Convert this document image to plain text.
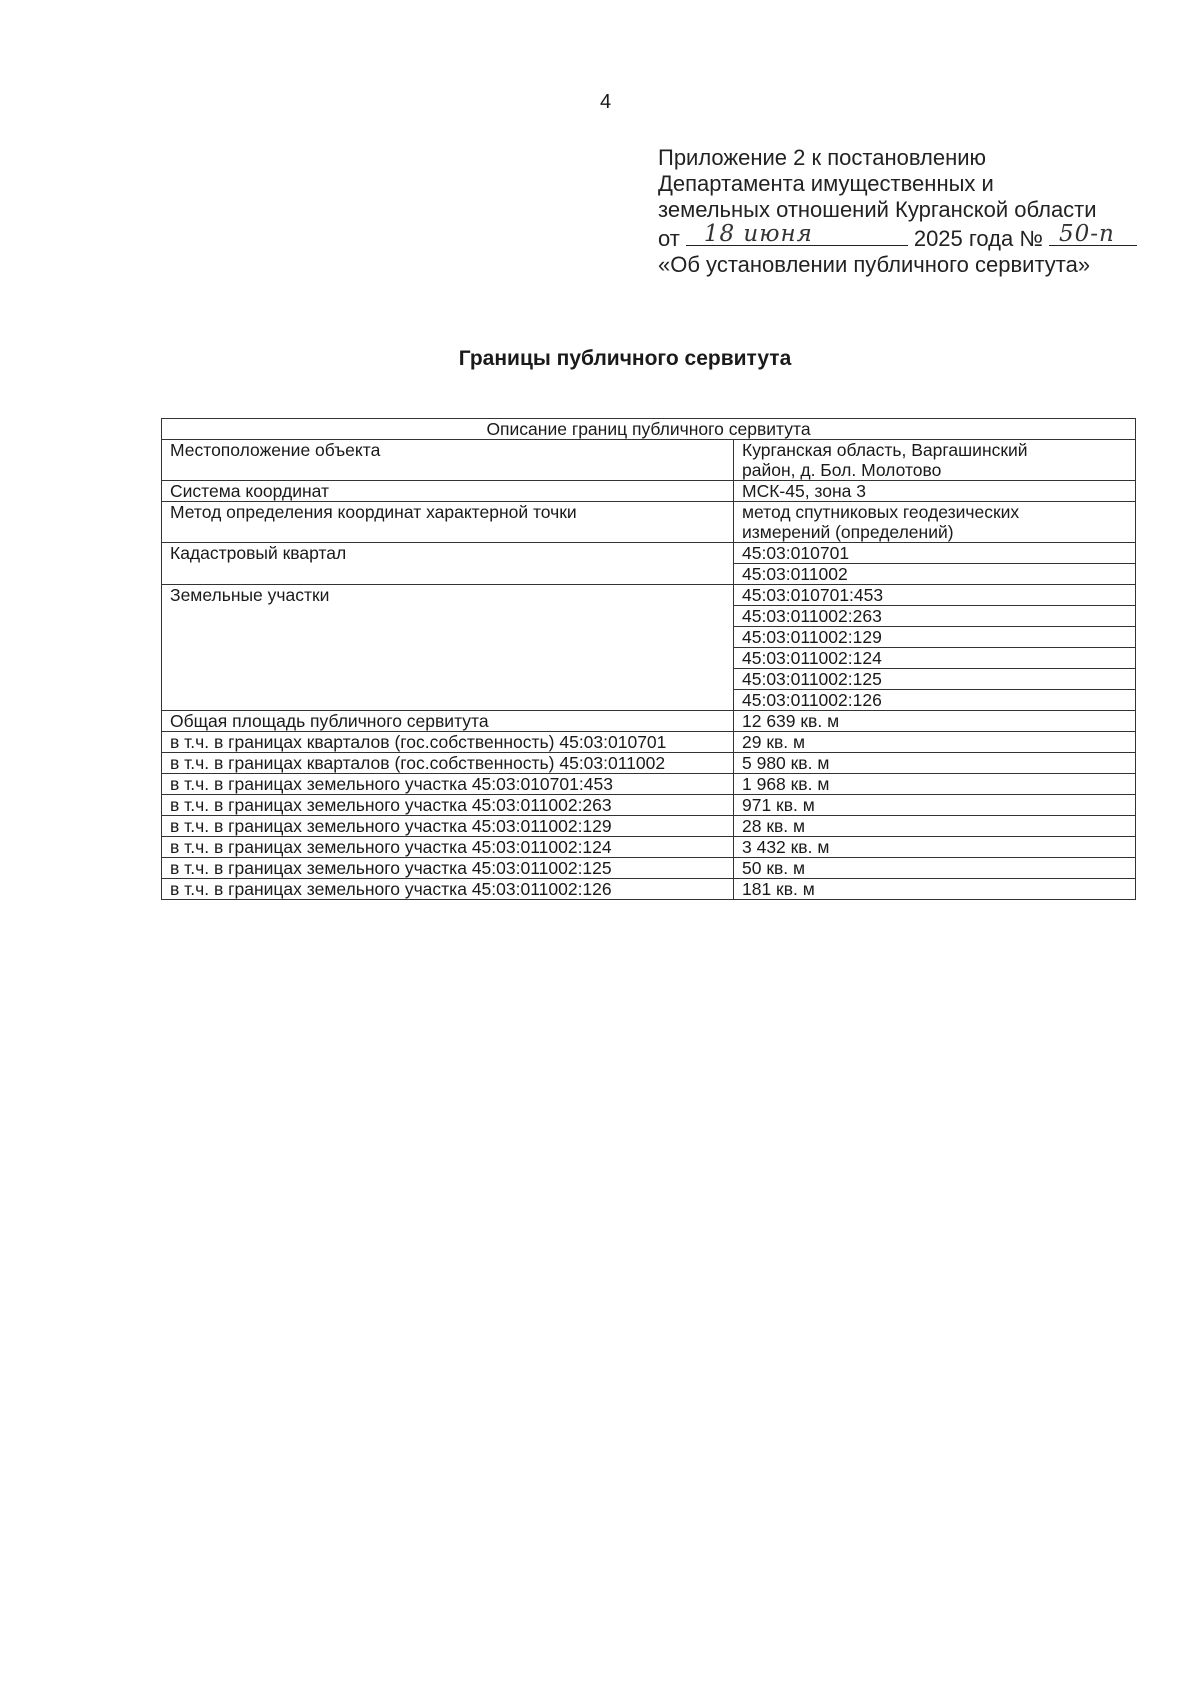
4
Приложение 2 к постановлению
Департамента имущественных и
земельных отношений Курганской области
от 18 июня	2025 года № 50-п
«Об установлении публичного сервитута»
Границы публичного сервитута
Описание границ публичного сервитута	
Местоположение объекта	Курганская область, Варгашинский
район, д. Бол. Молотово

Система координат	МСК-45, зона 3
Метод определения координат характерной точки	метод спутниковых геодезических
измерений (определений)

Кадастровый квартал	45:03:010701
	45:03:011002
Земельные участки	45:03:010701:453
	45:03:011002:263
	45:03:011002:129
	45:03:011002:124
	45:03:011002:125
	45:03:011002:126
Общая площадь публичного сервитута	12 639 кв. м
в т.ч. в границах кварталов (гос.собственность) 45:03:010701	29 кв. м
в т.ч. в границах кварталов (гос.собственность) 45:03:011002	5 980 кв. м
в т.ч. в границах земельного участка 45:03:010701:453	1 968 кв. м
в т.ч. в границах земельного участка 45:03:011002:263	971 кв. м
в т.ч. в границах земельного участка 45:03:011002:129	28 кв. м
в т.ч. в границах земельного участка 45:03:011002:124	3 432 кв. м
в т.ч. в границах земельного участка 45:03:011002:125	50 кв. м
в т.ч. в границах земельного участка 45:03:011002:126	181 кв. м
